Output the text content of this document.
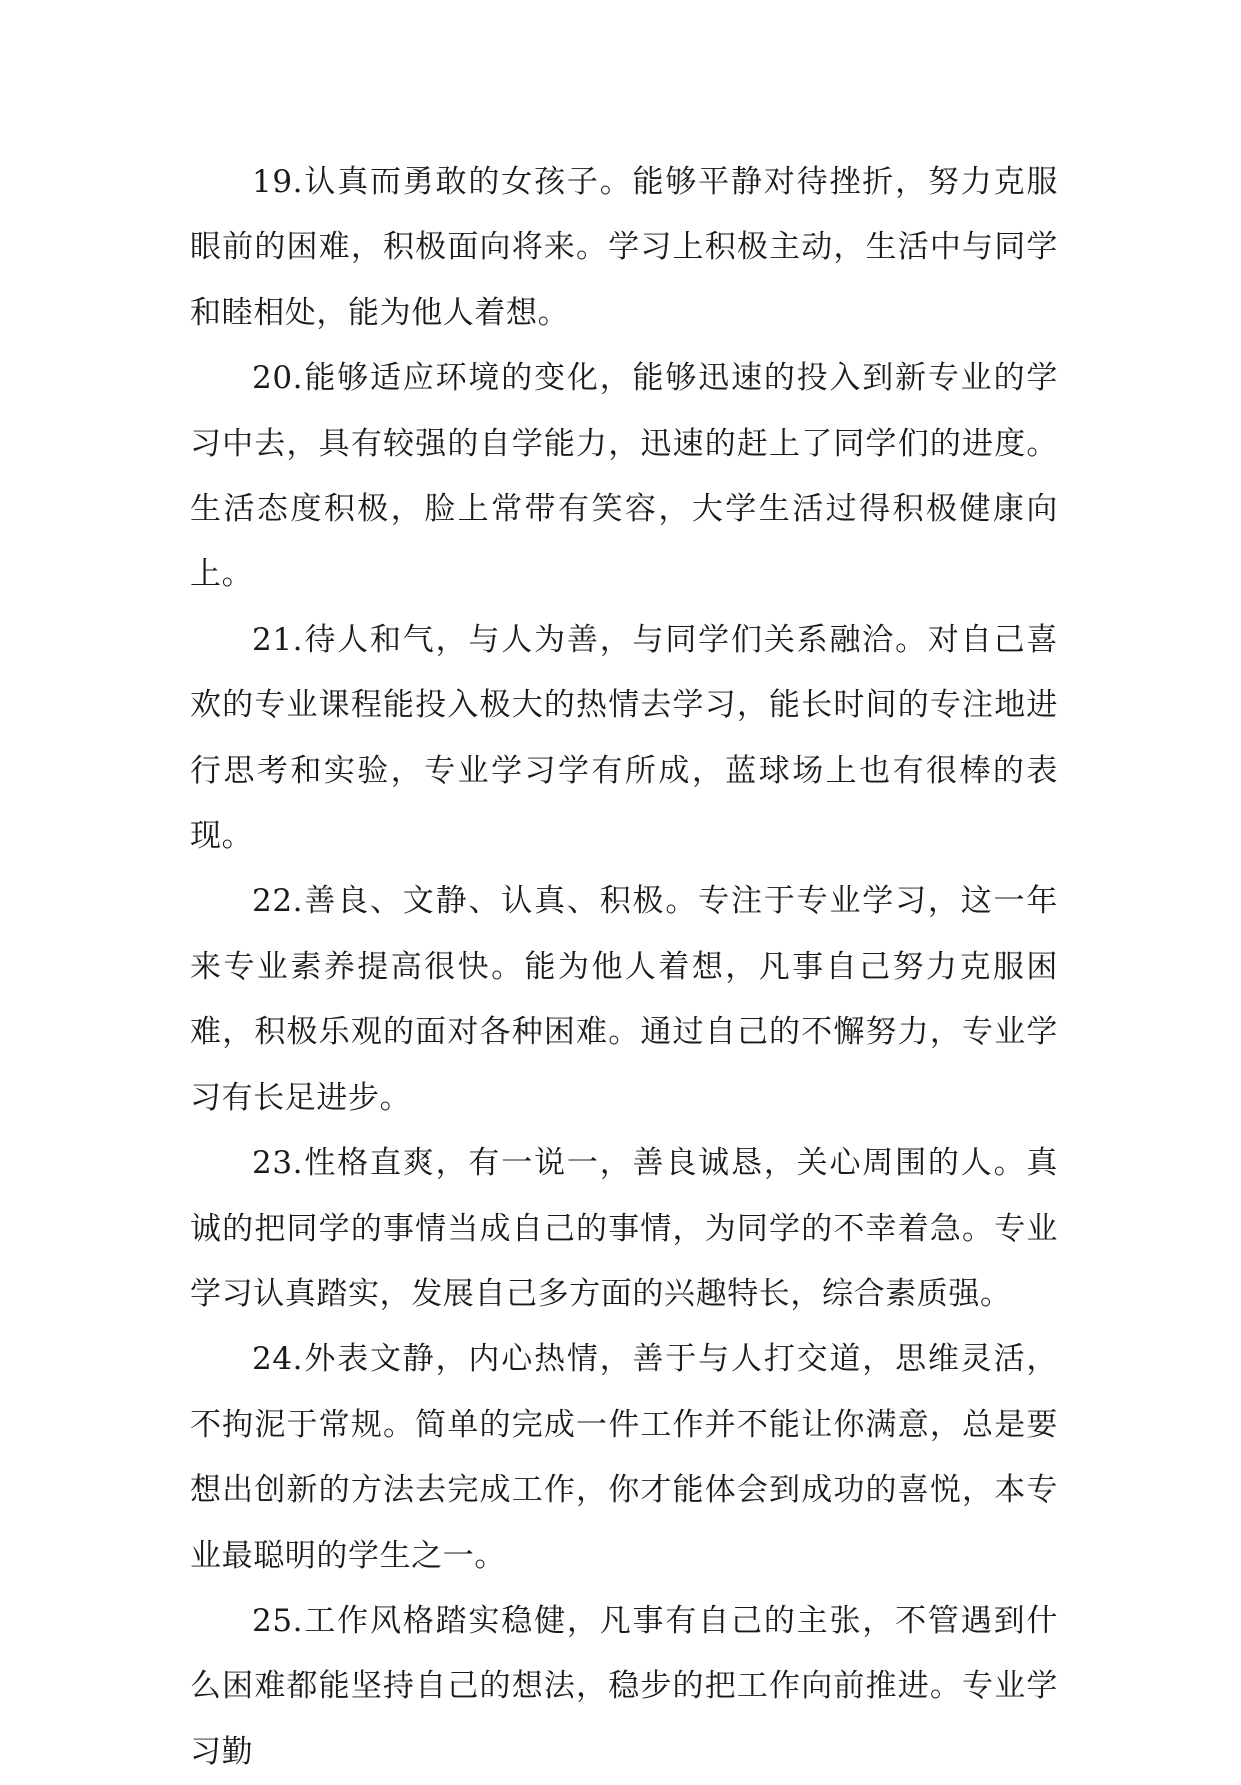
19.认真而勇敢的女孩子。能够平静对待挫折，努力克服眼前的困难，积极面向将来。学习上积极主动，生活中与同学和睦相处，能为他人着想。

20.能够适应环境的变化，能够迅速的投入到新专业的学习中去，具有较强的自学能力，迅速的赶上了同学们的进度。生活态度积极，脸上常带有笑容，大学生活过得积极健康向上。

21.待人和气，与人为善，与同学们关系融洽。对自己喜欢的专业课程能投入极大的热情去学习，能长时间的专注地进行思考和实验，专业学习学有所成，蓝球场上也有很棒的表现。

22.善良、文静、认真、积极。专注于专业学习，这一年来专业素养提高很快。能为他人着想，凡事自己努力克服困难，积极乐观的面对各种困难。通过自己的不懈努力，专业学习有长足进步。

23.性格直爽，有一说一，善良诚恳，关心周围的人。真诚的把同学的事情当成自己的事情，为同学的不幸着急。专业学习认真踏实，发展自己多方面的兴趣特长，综合素质强。

24.外表文静，内心热情，善于与人打交道，思维灵活，不拘泥于常规。简单的完成一件工作并不能让你满意，总是要想出创新的方法去完成工作，你才能体会到成功的喜悦，本专业最聪明的学生之一。

25.工作风格踏实稳健，凡事有自己的主张，不管遇到什么困难都能坚持自己的想法，稳步的把工作向前推进。专业学习勤
